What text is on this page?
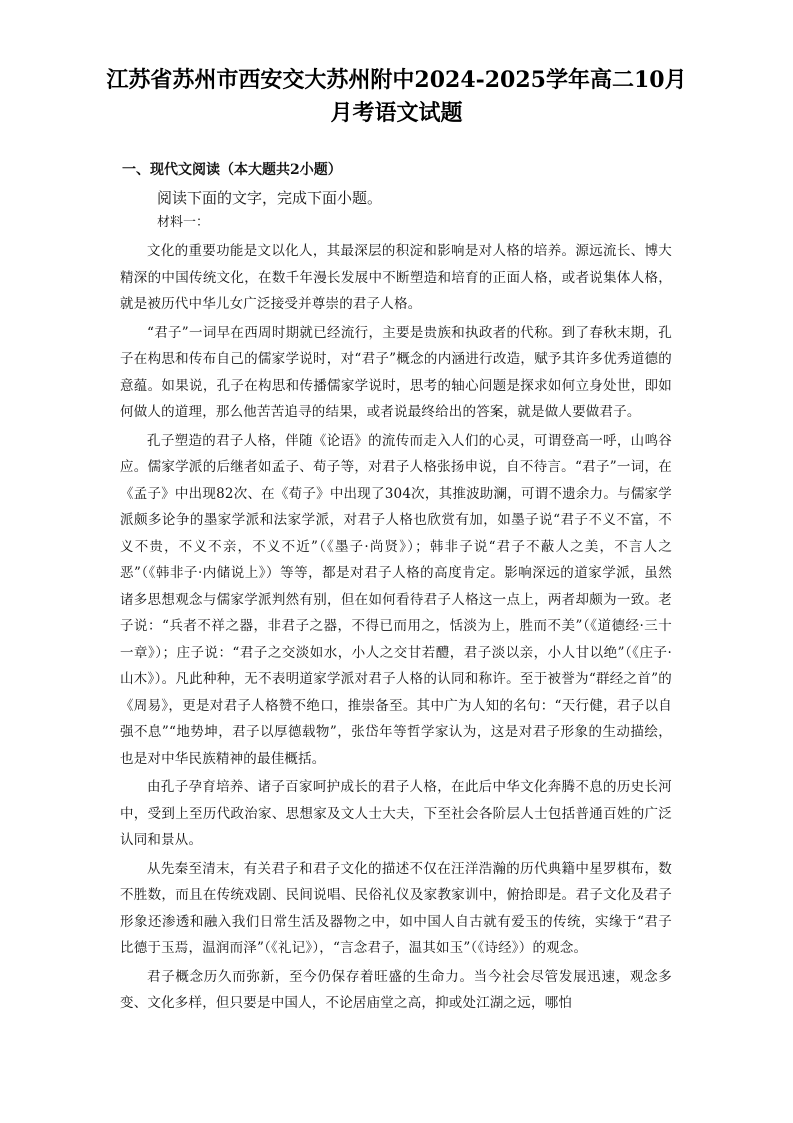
江苏省苏州市西安交大苏州附中2024-2025学年高二10月
月考语文试题
一、现代文阅读（本大题共2小题）
阅读下面的文字，完成下面小题。
材料一：

文化的重要功能是文以化人，其最深层的积淀和影响是对人格的培养。源远流长、博大精深的中国传统文化，在数千年漫长发展中不断塑造和培育的正面人格，或者说集体人格，就是被历代中华儿女广泛接受并尊崇的君子人格。

“君子”一词早在西周时期就已经流行，主要是贵族和执政者的代称。到了春秋末期，孔子在构思和传布自己的儒家学说时，对“君子”概念的内涵进行改造，赋予其许多优秀道德的意蕴。如果说，孔子在构思和传播儒家学说时，思考的轴心问题是探求如何立身处世，即如何做人的道理，那么他苦苦追寻的结果，或者说最终给出的答案，就是做人要做君子。

孔子塑造的君子人格，伴随《论语》的流传而走入人们的心灵，可谓登高一呼，山鸣谷应。儒家学派的后继者如孟子、荀子等，对君子人格张扬申说，自不待言。“君子”一词，在《孟子》中出现82次、在《荀子》中出现了304次，其推波助澜，可谓不遗余力。与儒家学派颇多论争的墨家学派和法家学派，对君子人格也欣赏有加，如墨子说“君子不义不富，不义不贵，不义不亲，不义不近”（《墨子·尚贤》）；韩非子说“君子不蔽人之美，不言人之恶”（《韩非子·内储说上》）等等，都是对君子人格的高度肯定。影响深远的道家学派，虽然诸多思想观念与儒家学派判然有别，但在如何看待君子人格这一点上，两者却颇为一致。老子说：“兵者不祥之器，非君子之器，不得已而用之，恬淡为上，胜而不美”（《道德经·三十一章》）；庄子说：“君子之交淡如水，小人之交甘若醴，君子淡以亲，小人甘以绝”（《庄子·山木》）。凡此种种，无不表明道家学派对君子人格的认同和称许。至于被誉为“群经之首”的《周易》，更是对君子人格赞不绝口，推崇备至。其中广为人知的名句：“天行健，君子以自强不息”“地势坤，君子以厚德载物”，张岱年等哲学家认为，这是对君子形象的生动描绘，也是对中华民族精神的最佳概括。

由孔子孕育培养、诸子百家呵护成长的君子人格，在此后中华文化奔腾不息的历史长河中，受到上至历代政治家、思想家及文人士大夫，下至社会各阶层人士包括普通百姓的广泛认同和景从。

从先秦至清末，有关君子和君子文化的描述不仅在汪洋浩瀚的历代典籍中星罗棋布，数不胜数，而且在传统戏剧、民间说唱、民俗礼仪及家教家训中，俯拾即是。君子文化及君子形象还渗透和融入我们日常生活及器物之中，如中国人自古就有爱玉的传统，实缘于“君子比德于玉焉，温润而泽”（《礼记》），“言念君子，温其如玉”（《诗经》）的观念。

君子概念历久而弥新，至今仍保存着旺盛的生命力。当今社会尽管发展迅速，观念多变、文化多样，但只要是中国人，不论居庙堂之高，抑或处江湖之远，哪怕
